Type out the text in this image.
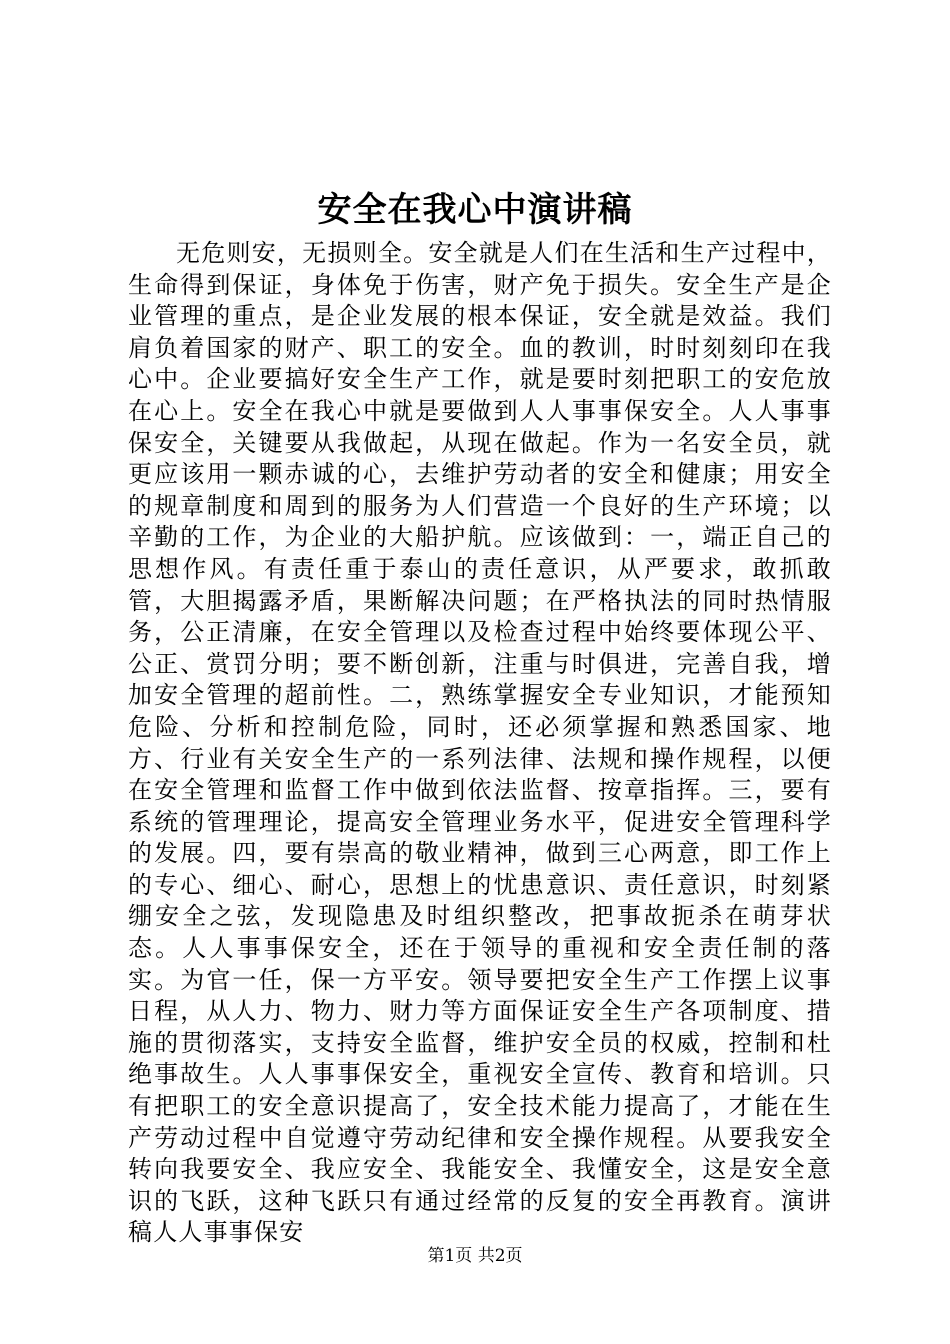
安全在我心中演讲稿

无危则安，无损则全。安全就是人们在生活和生产过程中，生命得到保证，身体免于伤害，财产免于损失。安全生产是企业管理的重点，是企业发展的根本保证，安全就是效益。我们肩负着国家的财产、职工的安全。血的教训，时时刻刻印在我心中。企业要搞好安全生产工作，就是要时刻把职工的安危放在心上。安全在我心中就是要做到人人事事保安全。人人事事保安全，关键要从我做起，从现在做起。作为一名安全员，就更应该用一颗赤诚的心，去维护劳动者的安全和健康；用安全的规章制度和周到的服务为人们营造一个良好的生产环境；以辛勤的工作，为企业的大船护航。应该做到：一，端正自己的思想作风。有责任重于泰山的责任意识，从严要求，敢抓敢管，大胆揭露矛盾，果断解决问题；在严格执法的同时热情服务，公正清廉，在安全管理以及检查过程中始终要体现公平、公正、赏罚分明；要不断创新，注重与时俱进，完善自我，增加安全管理的超前性。二，熟练掌握安全专业知识，才能预知危险、分析和控制危险，同时，还必须掌握和熟悉国家、地方、行业有关安全生产的一系列法律、法规和操作规程，以便在安全管理和监督工作中做到依法监督、按章指挥。三，要有系统的管理理论，提高安全管理业务水平，促进安全管理科学的发展。四，要有崇高的敬业精神，做到三心两意，即工作上的专心、细心、耐心，思想上的忧患意识、责任意识，时刻紧绷安全之弦，发现隐患及时组织整改，把事故扼杀在萌芽状态。人人事事保安全，还在于领导的重视和安全责任制的落实。为官一任，保一方平安。领导要把安全生产工作摆上议事日程，从人力、物力、财力等方面保证安全生产各项制度、措施的贯彻落实，支持安全监督，维护安全员的权威，控制和杜绝事故生。人人事事保安全，重视安全宣传、教育和培训。只有把职工的安全意识提高了，安全技术能力提高了，才能在生产劳动过程中自觉遵守劳动纪律和安全操作规程。从要我安全转向我要安全、我应安全、我能安全、我懂安全，这是安全意识的飞跃，这种飞跃只有通过经常的反复的安全再教育。演讲稿人人事事保安

第1页 共2页
